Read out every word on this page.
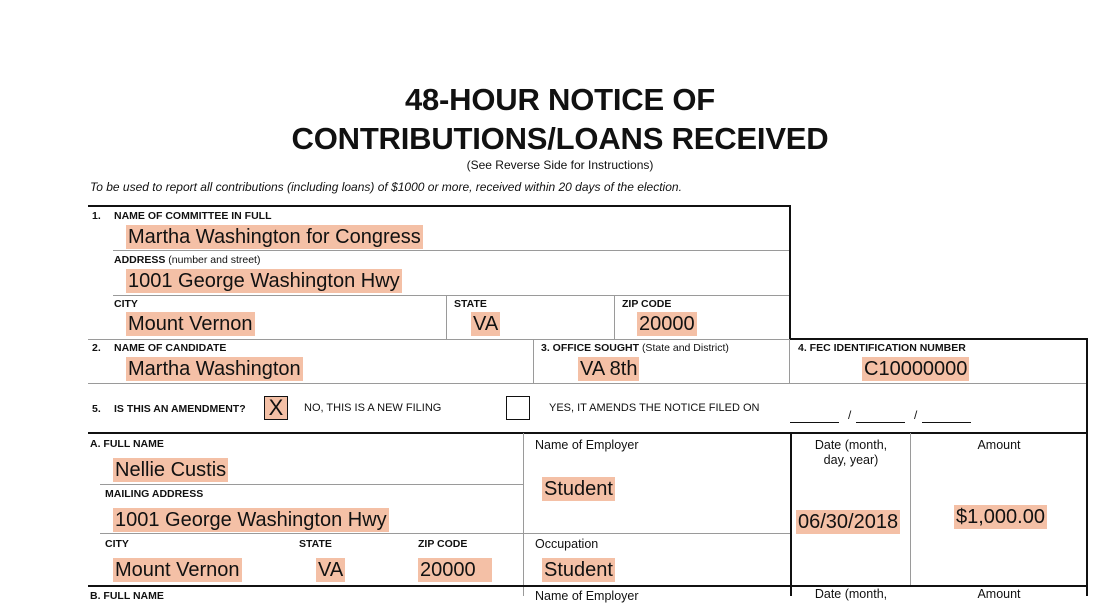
48-HOUR NOTICE OF
CONTRIBUTIONS/LOANS RECEIVED
(See Reverse Side for Instructions)
To be used to report all contributions (including loans) of $1000 or more, received within 20 days of the election.
1. NAME OF COMMITTEE IN FULL
Martha Washington for Congress
ADDRESS (number and street)
1001 George Washington Hwy
CITY
Mount Vernon
STATE
VA
ZIP CODE
20000
2. NAME OF CANDIDATE
Martha Washington
3. OFFICE SOUGHT (State and District)
VA 8th
4. FEC IDENTIFICATION NUMBER
C10000000
5. IS THIS AN AMENDMENT? X	NO, THIS IS A NEW FILING	YES, IT AMENDS THE NOTICE FILED ON	/	/
A. FULL NAME
Nellie Custis
MAILING ADDRESS
1001 George Washington Hwy
CITY
Mount Vernon
STATE
VA
ZIP CODE
20000
Name of Employer
Student
Occupation
Student
Date (month,
day, year)
06/30/2018
Amount
$1,000.00
B. FULL NAME	Name of Employer	Date (month,	Amount
